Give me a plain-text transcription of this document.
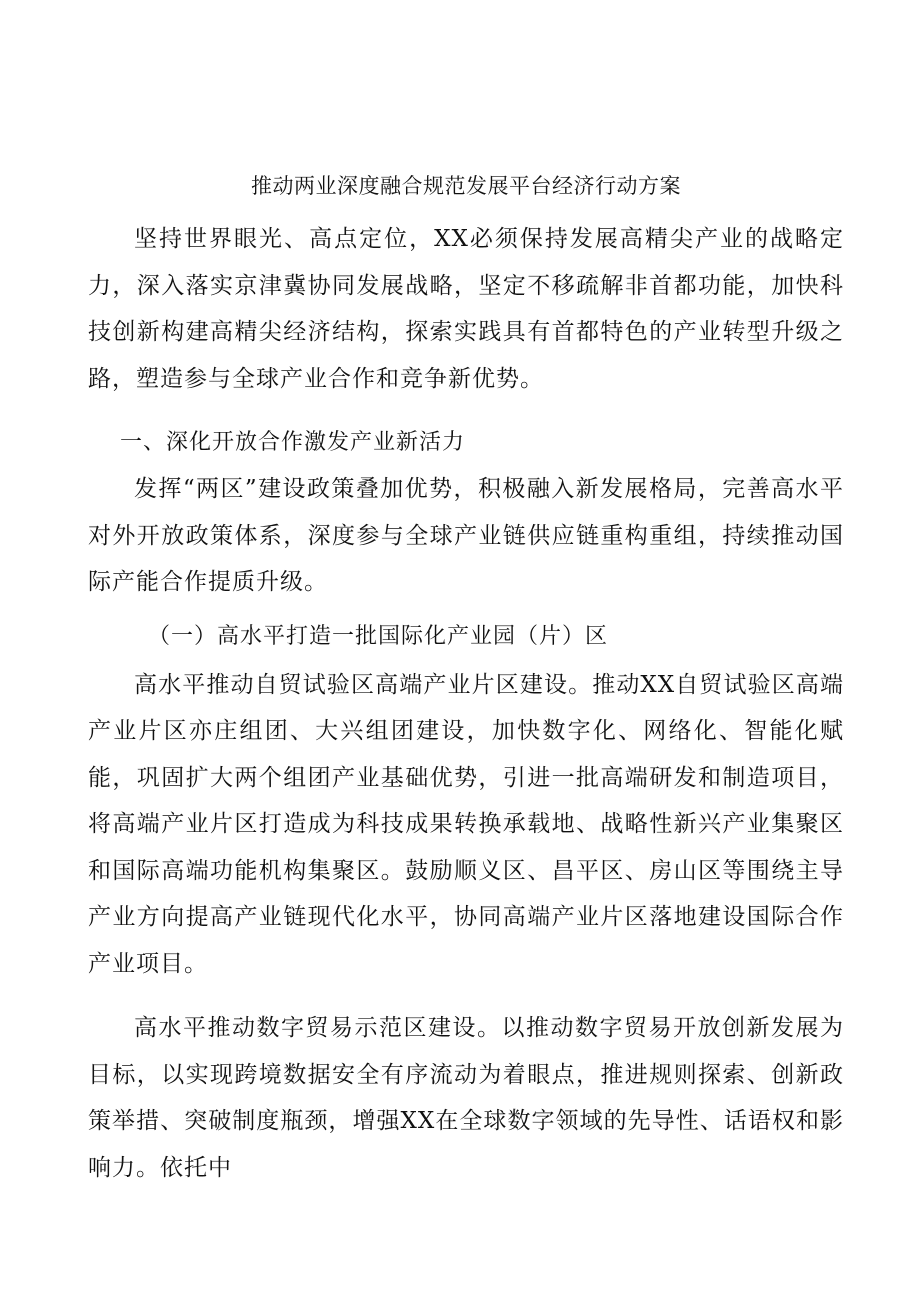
推动两业深度融合规范发展平台经济行动方案

坚持世界眼光、高点定位，XX必须保持发展高精尖产业的战略定力，深入落实京津冀协同发展战略，坚定不移疏解非首都功能，加快科技创新构建高精尖经济结构，探索实践具有首都特色的产业转型升级之路，塑造参与全球产业合作和竞争新优势。

一、深化开放合作激发产业新活力

发挥“两区”建设政策叠加优势，积极融入新发展格局，完善高水平对外开放政策体系，深度参与全球产业链供应链重构重组，持续推动国际产能合作提质升级。

（一）高水平打造一批国际化产业园（片）区

高水平推动自贸试验区高端产业片区建设。推动XX自贸试验区高端产业片区亦庄组团、大兴组团建设，加快数字化、网络化、智能化赋能，巩固扩大两个组团产业基础优势，引进一批高端研发和制造项目，将高端产业片区打造成为科技成果转换承载地、战略性新兴产业集聚区和国际高端功能机构集聚区。鼓励顺义区、昌平区、房山区等围绕主导产业方向提高产业链现代化水平，协同高端产业片区落地建设国际合作产业项目。

高水平推动数字贸易示范区建设。以推动数字贸易开放创新发展为目标，以实现跨境数据安全有序流动为着眼点，推进规则探索、创新政策举措、突破制度瓶颈，增强XX在全球数字领域的先导性、话语权和影响力。依托中
